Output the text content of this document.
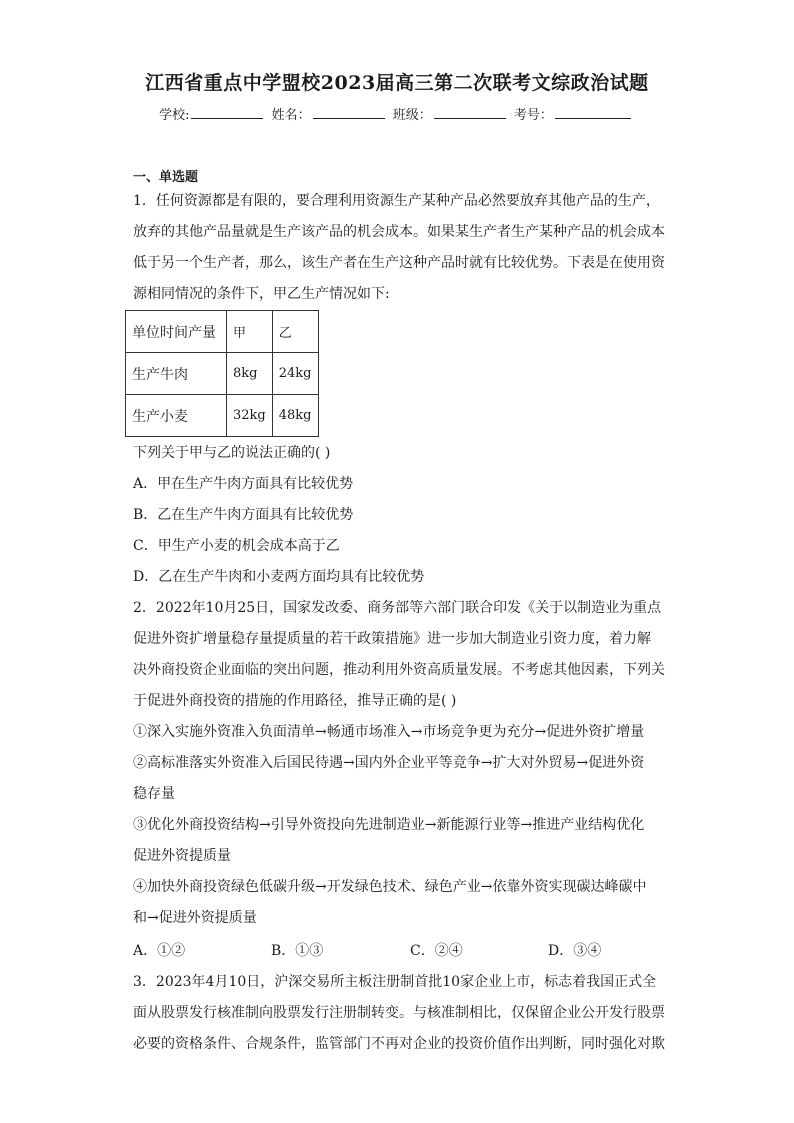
江西省重点中学盟校2023届高三第二次联考文综政治试题
学校:	姓名：	班级：	考号：
一、单选题
1．任何资源都是有限的，要合理利用资源生产某种产品必然要放弃其他产品的生产，
放弃的其他产品量就是生产该产品的机会成本。如果某生产者生产某种产品的机会成本
低于另一个生产者，那么，该生产者在生产这种产品时就有比较优势。下表是在使用资
源相同情况的条件下，甲乙生产情况如下:
单位时间产量	甲	乙
生产牛肉	8kg	24kg
生产小麦	32kg	48kg
下列关于甲与乙的说法正确的( )
A．甲在生产牛肉方面具有比较优势
B．乙在生产牛肉方面具有比较优势
C．甲生产小麦的机会成本高于乙
D．乙在生产牛肉和小麦两方面均具有比较优势
2．2022年10月25日，国家发改委、商务部等六部门联合印发《关于以制造业为重点
促进外资扩增量稳存量提质量的若干政策措施》进一步加大制造业引资力度，着力解
决外商投资企业面临的突出问题，推动利用外资高质量发展。不考虑其他因素，下列关
于促进外商投资的措施的作用路径，推导正确的是( )
①深入实施外资准入负面清单→畅通市场准入→市场竞争更为充分→促进外资扩增量
②高标准落实外资准入后国民待遇→国内外企业平等竞争→扩大对外贸易→促进外资
稳存量
③优化外商投资结构→引导外资投向先进制造业→新能源行业等→推进产业结构优化
促进外资提质量
④加快外商投资绿色低碳升级→开发绿色技术、绿色产业→依靠外资实现碳达峰碳中
和→促进外资提质量
A．①②	B．①③	C．②④	D．③④
3．2023年4月10日，沪深交易所主板注册制首批10家企业上市，标志着我国正式全
面从股票发行核准制向股票发行注册制转变。与核准制相比，仅保留企业公开发行股票
必要的资格条件、合规条件，监管部门不再对企业的投资价值作出判断，同时强化对欺
